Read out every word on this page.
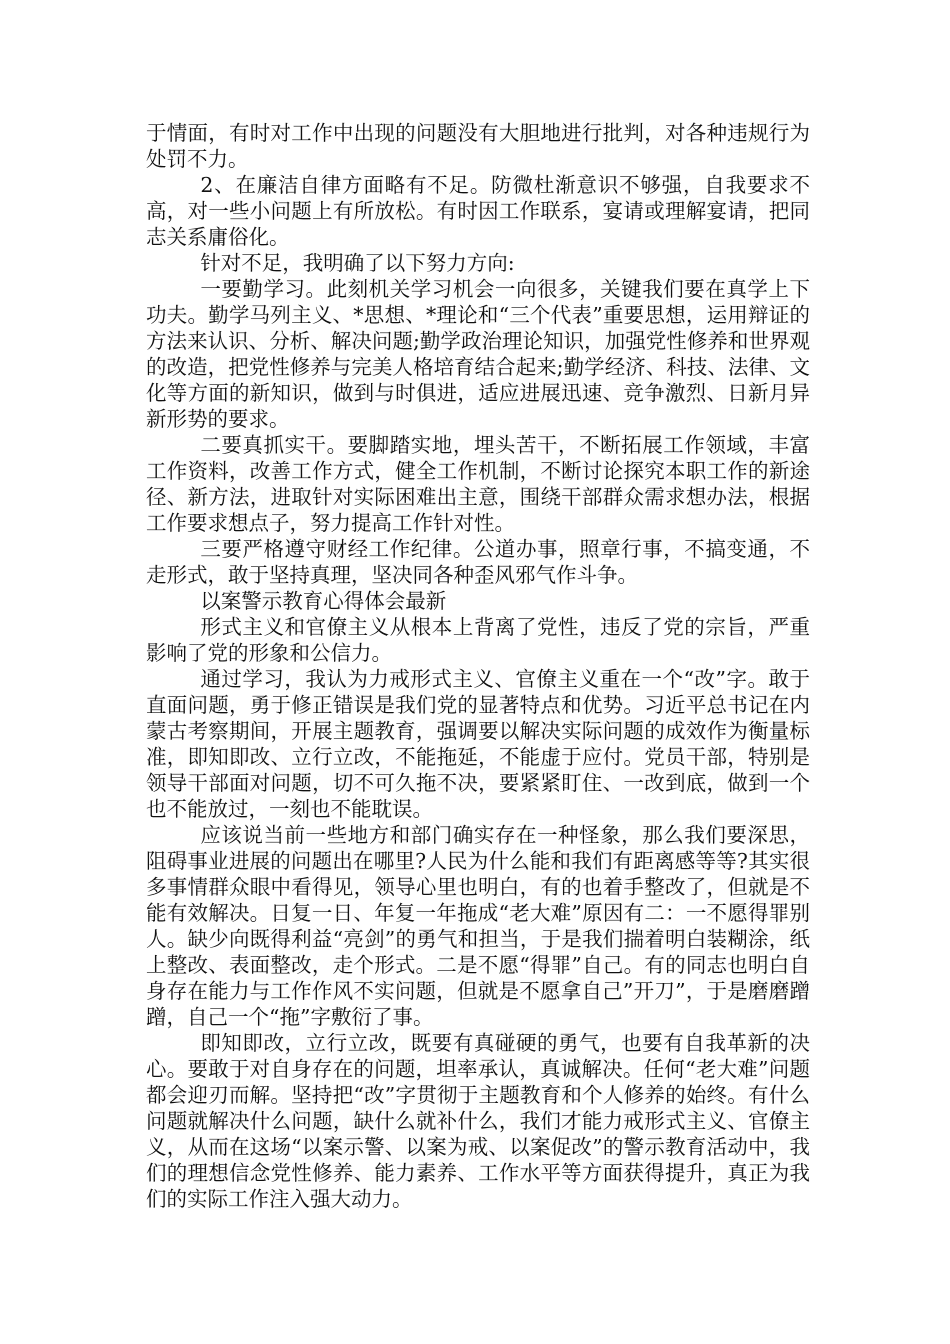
于情面，有时对工作中出现的问题没有大胆地进行批判，对各种违规行为处罚不力。

2、在廉洁自律方面略有不足。防微杜渐意识不够强，自我要求不高，对一些小问题上有所放松。有时因工作联系，宴请或理解宴请，把同志关系庸俗化。

针对不足，我明确了以下努力方向:

一要勤学习。此刻机关学习机会一向很多，关键我们要在真学上下功夫。勤学马列主义、*思想、*理论和“三个代表”重要思想，运用辩证的方法来认识、分析、解决问题;勤学政治理论知识，加强党性修养和世界观的改造，把党性修养与完美人格培育结合起来;勤学经济、科技、法律、文化等方面的新知识，做到与时俱进，适应进展迅速、竞争激烈、日新月异新形势的要求。

二要真抓实干。要脚踏实地，埋头苦干，不断拓展工作领域，丰富工作资料，改善工作方式，健全工作机制，不断讨论探究本职工作的新途径、新方法，进取针对实际困难出主意，围绕干部群众需求想办法，根据工作要求想点子，努力提高工作针对性。

三要严格遵守财经工作纪律。公道办事，照章行事，不搞变通，不走形式，敢于坚持真理，坚决同各种歪风邪气作斗争。

以案警示教育心得体会最新

形式主义和官僚主义从根本上背离了党性，违反了党的宗旨，严重影响了党的形象和公信力。

通过学习，我认为力戒形式主义、官僚主义重在一个“改”字。敢于直面问题，勇于修正错误是我们党的显著特点和优势。习近平总书记在内蒙古考察期间，开展主题教育，强调要以解决实际问题的成效作为衡量标准，即知即改、立行立改，不能拖延，不能虚于应付。党员干部，特别是领导干部面对问题，切不可久拖不决，要紧紧盯住、一改到底，做到一个也不能放过，一刻也不能耽误。

应该说当前一些地方和部门确实存在一种怪象，那么我们要深思，阻碍事业进展的问题出在哪里?人民为什么能和我们有距离感等等?其实很多事情群众眼中看得见，领导心里也明白，有的也着手整改了，但就是不能有效解决。日复一日、年复一年拖成“老大难”原因有二：一不愿得罪别人。缺少向既得利益“亮剑”的勇气和担当，于是我们揣着明白装糊涂，纸上整改、表面整改，走个形式。二是不愿“得罪”自己。有的同志也明白自身存在能力与工作作风不实问题，但就是不愿拿自己”开刀”，于是磨磨蹭蹭，自己一个“拖”字敷衍了事。

即知即改，立行立改，既要有真碰硬的勇气，也要有自我革新的决心。要敢于对自身存在的问题，坦率承认，真诚解决。任何“老大难”问题都会迎刃而解。坚持把“改”字贯彻于主题教育和个人修养的始终。有什么问题就解决什么问题，缺什么就补什么，我们才能力戒形式主义、官僚主义，从而在这场“以案示警、以案为戒、以案促改”的警示教育活动中，我们的理想信念党性修养、能力素养、工作水平等方面获得提升，真正为我们的实际工作注入强大动力。
